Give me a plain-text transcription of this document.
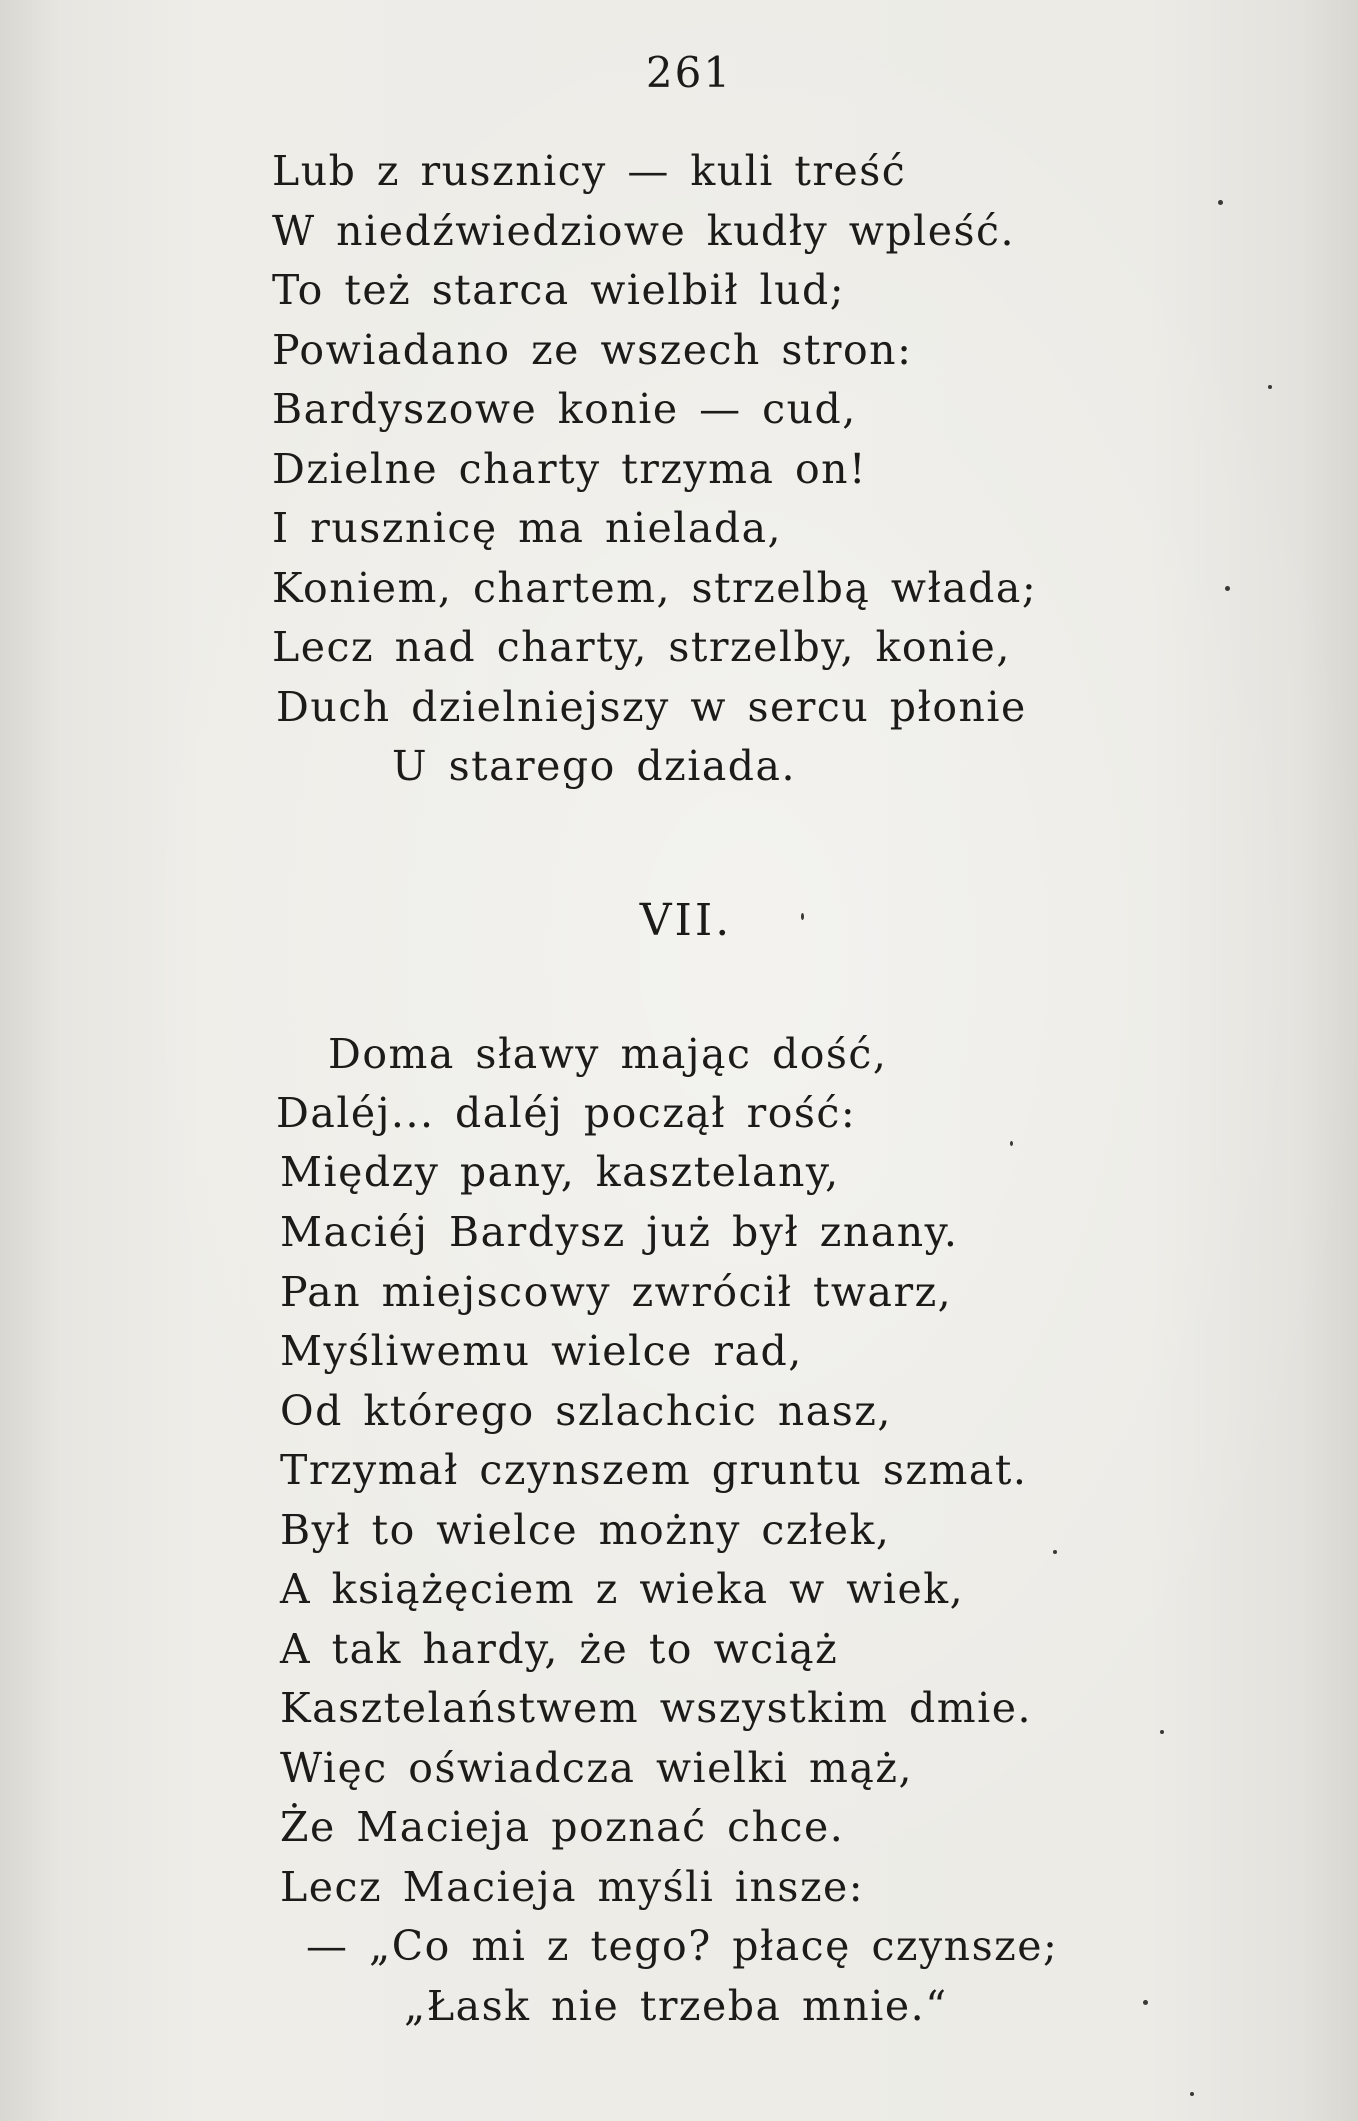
261
Lub z rusznicy — kuli treść
W niedźwiedziowe kudły wpleść.
To też starca wielbił lud;
Powiadano ze wszech stron:
Bardyszowe konie — cud,
Dzielne charty trzyma on!
I rusznicę ma nielada,
Koniem, chartem, strzelbą włada;
Lecz nad charty, strzelby, konie,
Duch dzielniejszy w sercu płonie
U starego dziada.
VII.
Doma sławy mając dość,
Daléj... daléj począł rość:
Między pany, kasztelany,
Maciéj Bardysz już był znany.
Pan miejscowy zwrócił twarz,
Myśliwemu wielce rad,
Od którego szlachcic nasz,
Trzymał czynszem gruntu szmat.
Był to wielce możny człek,
A książęciem z wieka w wiek,
A tak hardy, że to wciąż
Kasztelaństwem wszystkim dmie.
Więc oświadcza wielki mąż,
Że Macieja poznać chce.
Lecz Macieja myśli insze:
— „Co mi z tego? płacę czynsze;
„Łask nie trzeba mnie.“
